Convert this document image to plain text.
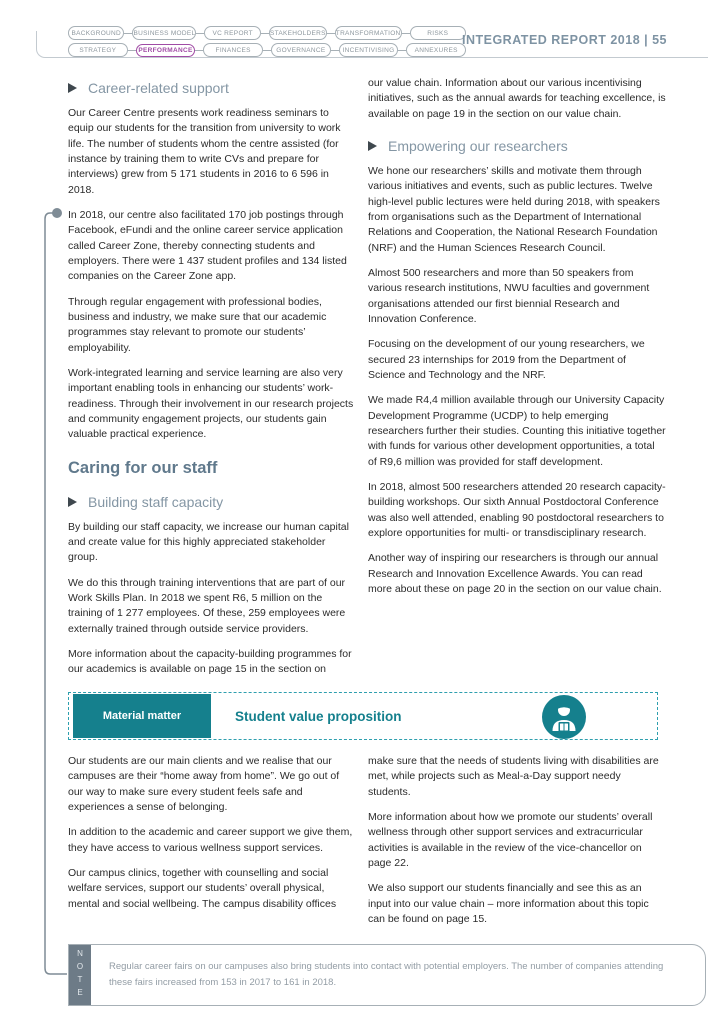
BACKGROUND	BUSINESS MODEL	VC REPORT	STAKEHOLDERS TRANSFORMATION	RISKS
STRATEGY	PERFORMANCE	FINANCES	GOVERNANCE	INCENTIVISING	ANNEXURES
INTEGRATED REPORT 2018 | 55
Career-related support

Our Career Centre presents work readiness seminars to equip our students for the transition from university to work life. The number of students whom the centre assisted (for instance by training them to write CVs and prepare for interviews) grew from 5 171 students in 2016 to 6 596 in 2018.

In 2018, our centre also facilitated 170 job postings through Facebook, eFundi and the online career service application called Career Zone, thereby connecting students and employers. There were 1 437 student profiles and 134 listed companies on the Career Zone app.

Through regular engagement with professional bodies, business and industry, we make sure that our academic programmes stay relevant to promote our students’ employability.

Work-integrated learning and service learning are also very important enabling tools in enhancing our students’ work-readiness. Through their involvement in our research projects and community engagement projects, our students gain valuable practical experience.

Caring for our staff
Building staff capacity

By building our staff capacity, we increase our human capital and create value for this highly appreciated stakeholder group.

We do this through training interventions that are part of our Work Skills Plan. In 2018 we spent R6, 5 million on the training of 1 277 employees. Of these, 259 employees were externally trained through outside service providers.

More information about the capacity-building programmes for our academics is available on page 15 in the section on

our value chain. Information about our various incentivising initiatives, such as the annual awards for teaching excellence, is available on page 19 in the section on our value chain.

Empowering our researchers

We hone our researchers’ skills and motivate them through various initiatives and events, such as public lectures. Twelve high-level public lectures were held during 2018, with speakers from organisations such as the Department of International Relations and Cooperation, the National Research Foundation (NRF) and the Human Sciences Research Council.

Almost 500 researchers and more than 50 speakers from various research institutions, NWU faculties and government organisations attended our first biennial Research and Innovation Conference.

Focusing on the development of our young researchers, we secured 23 internships for 2019 from the Department of Science and Technology and the NRF.

We made R4,4 million available through our University Capacity Development Programme (UCDP) to help emerging researchers further their studies. Counting this initiative together with funds for various other development opportunities, a total of R9,6 million was provided for staff development.

In 2018, almost 500 researchers attended 20 research capacity-building workshops. Our sixth Annual Postdoctoral Conference was also well attended, enabling 90 postdoctoral researchers to explore opportunities for multi- or transdisciplinary research.

Another way of inspiring our researchers is through our annual Research and Innovation Excellence Awards. You can read more about these on page 20 in the section on our value chain.

Material matter	Student value proposition

Our students are our main clients and we realise that our campuses are their “home away from home”. We go out of our way to make sure every student feels safe and experiences a sense of belonging.

In addition to the academic and career support we give them, they have access to various wellness support services.

Our campus clinics, together with counselling and social welfare services, support our students’ overall physical, mental and social wellbeing. The campus disability offices

make sure that the needs of students living with disabilities are met, while projects such as Meal-a-Day support needy students.

More information about how we promote our students’ overall wellness through other support services and extracurricular activities is available in the review of the vice-chancellor on page 22.

We also support our students financially and see this as an input into our value chain – more information about this topic can be found on page 15.

NOTE	Regular career fairs on our campuses also bring students into contact with potential employers. The number of companies attending these fairs increased from 153 in 2017 to 161 in 2018.
